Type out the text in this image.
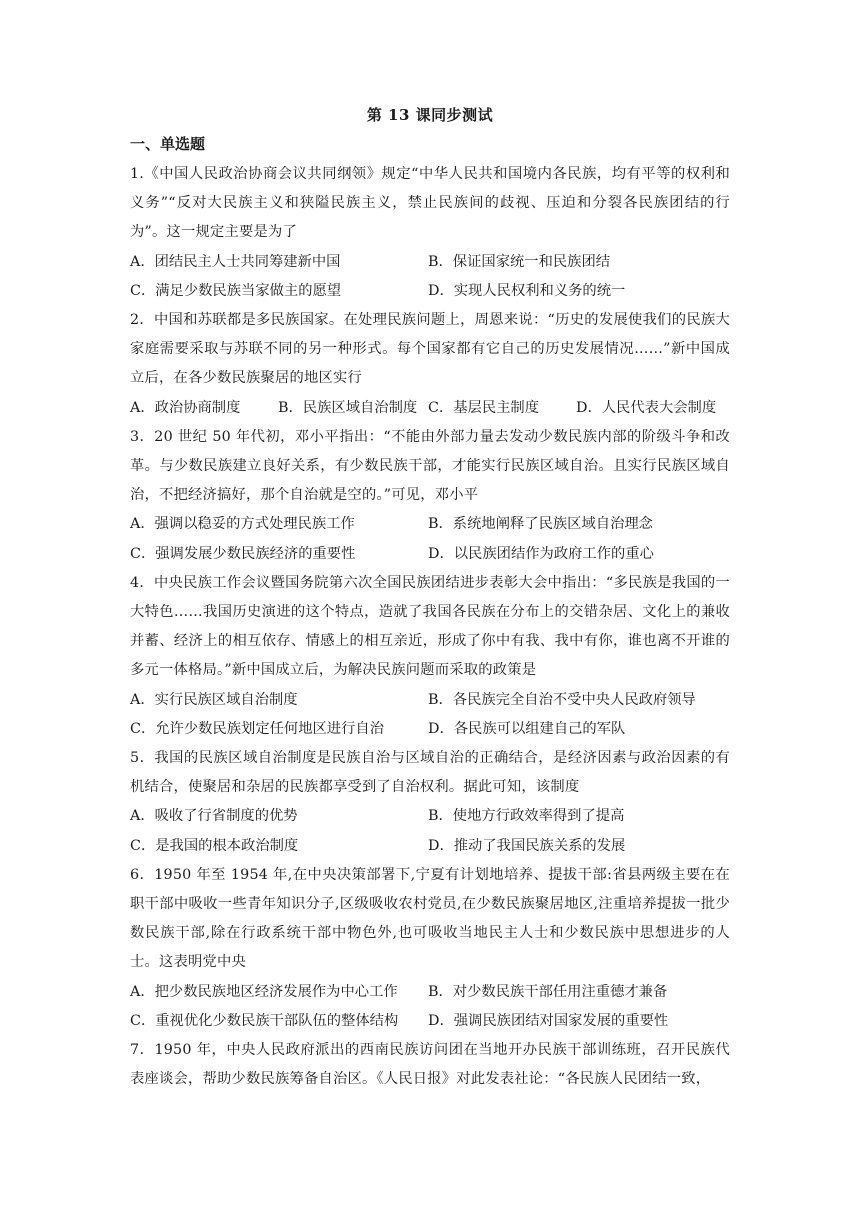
第 13 课同步测试
一、单选题
1.《中国人民政治协商会议共同纲领》规定“中华人民共和国境内各民族，均有平等的权利和义务”“反对大民族主义和狭隘民族主义，禁止民族间的歧视、压迫和分裂各民族团结的行为”。这一规定主要是为了
A．团结民主人士共同筹建新中国	B．保证国家统一和民族团结
C．满足少数民族当家做主的愿望	D．实现人民权利和义务的统一
2．中国和苏联都是多民族国家。在处理民族问题上，周恩来说：“历史的发展使我们的民族大家庭需要采取与苏联不同的另一种形式。每个国家都有它自己的历史发展情况……”新中国成立后，在各少数民族聚居的地区实行
A．政治协商制度	B．民族区域自治制度 C．基层民主制度	D．人民代表大会制度
3．20 世纪 50 年代初，邓小平指出：“不能由外部力量去发动少数民族内部的阶级斗争和改革。与少数民族建立良好关系，有少数民族干部，才能实行民族区域自治。且实行民族区域自治，不把经济搞好，那个自治就是空的。”可见，邓小平
A．强调以稳妥的方式处理民族工作	B．系统地阐释了民族区域自治理念
C．强调发展少数民族经济的重要性	D．以民族团结作为政府工作的重心
4．中央民族工作会议暨国务院第六次全国民族团结进步表彰大会中指出：“多民族是我国的一大特色……我国历史演进的这个特点，造就了我国各民族在分布上的交错杂居、文化上的兼收并蓄、经济上的相互依存、情感上的相互亲近，形成了你中有我、我中有你，谁也离不开谁的多元一体格局。”新中国成立后，为解决民族问题而采取的政策是
A．实行民族区域自治制度	B．各民族完全自治不受中央人民政府领导
C．允许少数民族划定任何地区进行自治	D．各民族可以组建自己的军队
5．我国的民族区域自治制度是民族自治与区域自治的正确结合，是经济因素与政治因素的有机结合，使聚居和杂居的民族都享受到了自治权利。据此可知，该制度
A．吸收了行省制度的优势	B．使地方行政效率得到了提高
C．是我国的根本政治制度	D．推动了我国民族关系的发展
6．1950 年至 1954 年,在中央决策部署下,宁夏有计划地培养、提拔干部:省县两级主要在在职干部中吸收一些青年知识分子,区级吸收农村党员,在少数民族聚居地区,注重培养提拔一批少数民族干部,除在行政系统干部中物色外,也可吸收当地民主人士和少数民族中思想进步的人士。这表明党中央
A．把少数民族地区经济发展作为中心工作	B．对少数民族干部任用注重德才兼备
C．重视优化少数民族干部队伍的整体结构	D．强调民族团结对国家发展的重要性
7．1950 年，中央人民政府派出的西南民族访问团在当地开办民族干部训练班，召开民族代表座谈会，帮助少数民族筹备自治区。《人民日报》对此发表社论：“各民族人民团结一致，
